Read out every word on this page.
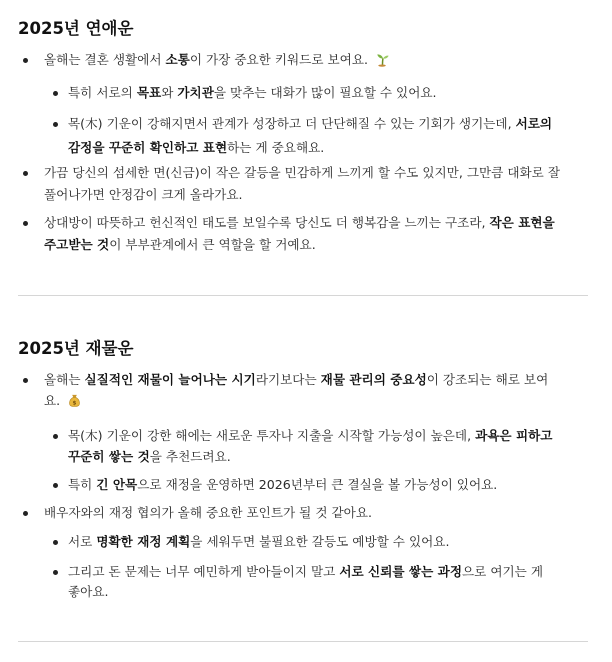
2025년 연애운
올해는 결혼 생활에서 소통이 가장 중요한 키워드로 보여요.
특히 서로의 목표와 가치관을 맞추는 대화가 많이 필요할 수 있어요.
목(木) 기운이 강해지면서 관계가 성장하고 더 단단해질 수 있는 기회가 생기는데, 서로의
감정을 꾸준히 확인하고 표현하는 게 중요해요.
가끔 당신의 섬세한 면(신금)이 작은 갈등을 민감하게 느끼게 할 수도 있지만, 그만큼 대화로 잘
풀어나가면 안정감이 크게 올라가요.
상대방이 따뜻하고 헌신적인 태도를 보일수록 당신도 더 행복감을 느끼는 구조라, 작은 표현을
주고받는 것이 부부관계에서 큰 역할을 할 거예요.
2025년 재물운
올해는 실질적인 재물이 늘어나는 시기라기보다는 재물 관리의 중요성이 강조되는 해로 보여
요. $
목(木) 기운이 강한 해에는 새로운 투자나 지출을 시작할 가능성이 높은데, 과욕은 피하고
꾸준히 쌓는 것을 추천드려요.
특히 긴 안목으로 재정을 운영하면 2026년부터 큰 결실을 볼 가능성이 있어요.
배우자와의 재정 협의가 올해 중요한 포인트가 될 것 같아요.
서로 명확한 재정 계획을 세워두면 불필요한 갈등도 예방할 수 있어요.
그리고 돈 문제는 너무 예민하게 받아들이지 말고 서로 신뢰를 쌓는 과정으로 여기는 게
좋아요.
